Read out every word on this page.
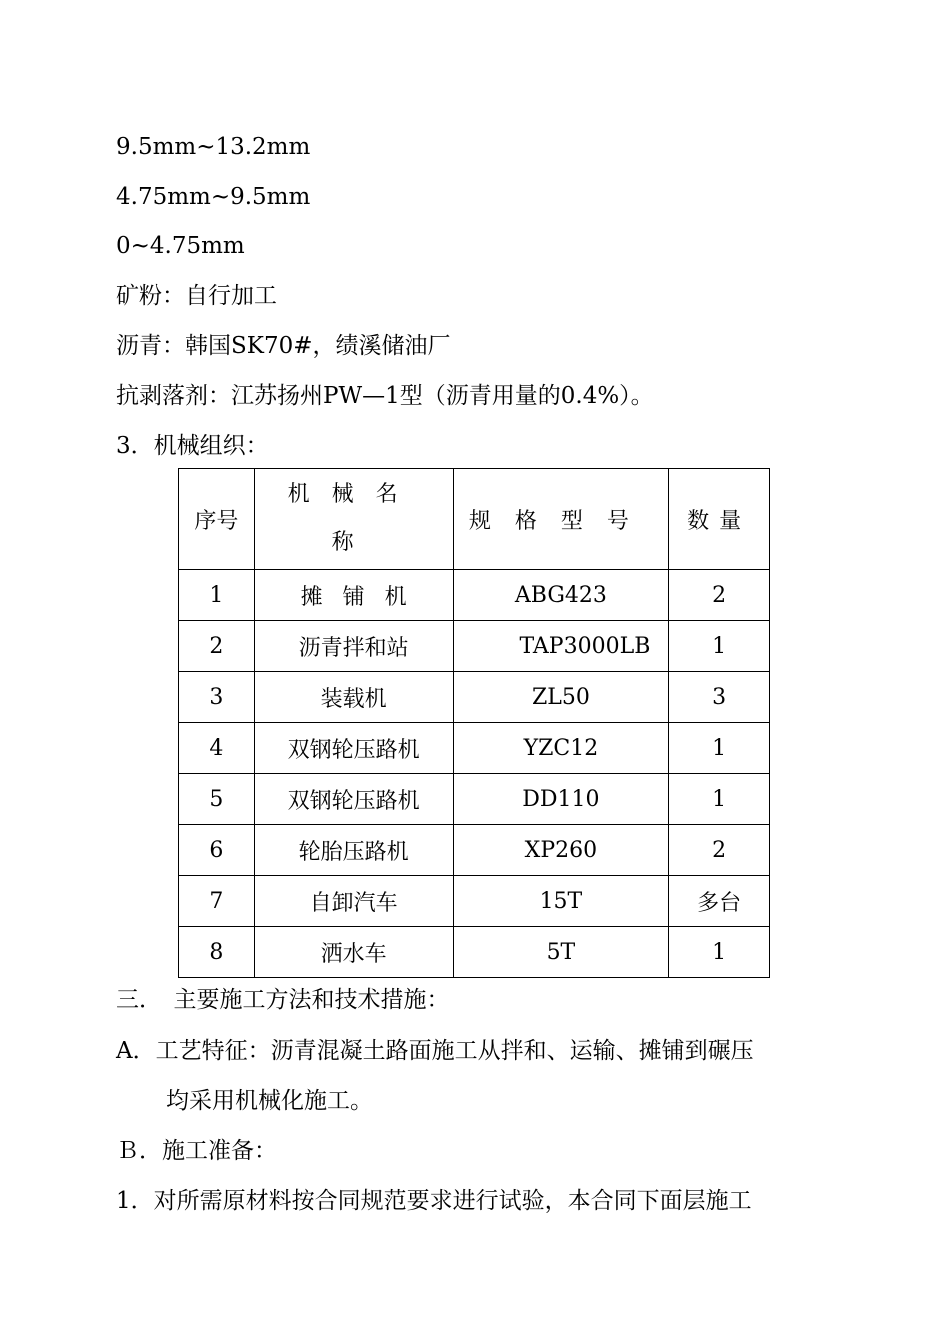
9.5mm~13.2mm
4.75mm~9.5mm
0~4.75mm
矿粉：自行加工
沥青：韩国SK70#，绩溪储油厂
抗剥落剂：江苏扬州PW—1型（沥青用量的0.4%）。
3．机械组织：
序号	机械名称	规格型号	数量
1	摊铺机	ABG423	2
2	沥青拌和站	TAP3000LB	1
3	装载机	ZL50	3
4	双钢轮压路机	YZC12	1
5	双钢轮压路机	DD110	1
6	轮胎压路机	XP260	2
7	自卸汽车	15T	多台
8	洒水车	5T	1
三．　主要施工方法和技术措施：
A．工艺特征：沥青混凝土路面施工从拌和、运输、摊铺到碾压
均采用机械化施工。
Ｂ．施工准备：
1．对所需原材料按合同规范要求进行试验，本合同下面层施工
